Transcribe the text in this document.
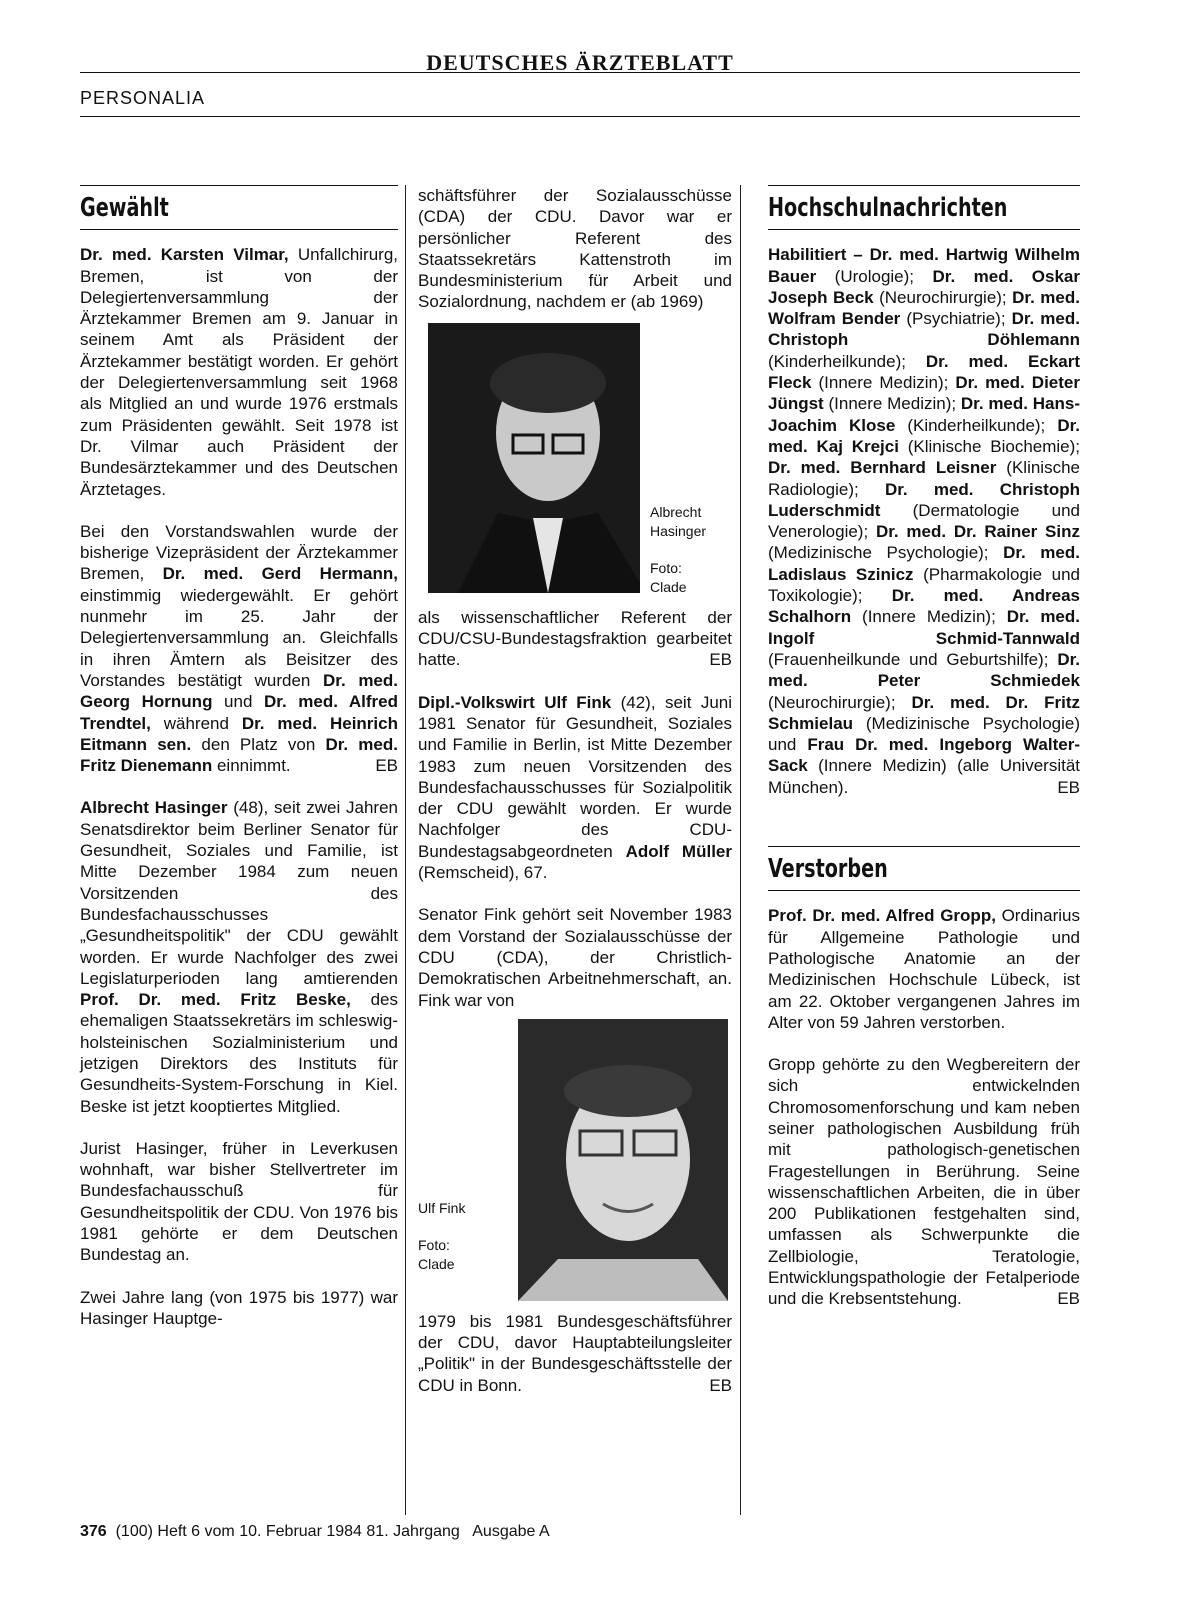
DEUTSCHES ÄRZTEBLATT
PERSONALIA
Gewählt

Dr. med. Karsten Vilmar, Unfallchirurg, Bremen, ist von der Delegiertenversammlung der Ärztekammer Bremen am 9. Januar in seinem Amt als Präsident der Ärztekammer bestätigt worden. Er gehört der Delegiertenversammlung seit 1968 als Mitglied an und wurde 1976 erstmals zum Präsidenten gewählt. Seit 1978 ist Dr. Vilmar auch Präsident der Bundesärztekammer und des Deutschen Ärztetages.

Bei den Vorstandswahlen wurde der bisherige Vizepräsident der Ärztekammer Bremen, Dr. med. Gerd Hermann, einstimmig wiedergewählt. Er gehört nunmehr im 25. Jahr der Delegiertenversammlung an. Gleichfalls in ihren Ämtern als Beisitzer des Vorstandes bestätigt wurden Dr. med. Georg Hornung und Dr. med. Alfred Trendtel, während Dr. med. Heinrich Eitmann sen. den Platz von Dr. med. Fritz Dienemann einnimmt.	EB

Albrecht Hasinger (48), seit zwei Jahren Senatsdirektor beim Berliner Senator für Gesundheit, Soziales und Familie, ist Mitte Dezember 1984 zum neuen Vorsitzenden des Bundesfachausschusses „Gesundheitspolitik" der CDU gewählt worden. Er wurde Nachfolger des zwei Legislaturperioden lang amtierenden Prof. Dr. med. Fritz Beske, des ehemaligen Staatssekretärs im schleswig-holsteinischen Sozialministerium und jetzigen Direktors des Instituts für Gesundheits-System-Forschung in Kiel. Beske ist jetzt kooptiertes Mitglied.

Jurist Hasinger, früher in Leverkusen wohnhaft, war bisher Stellvertreter im Bundesfachausschuß für Gesundheitspolitik der CDU. Von 1976 bis 1981 gehörte er dem Deutschen Bundestag an.

Zwei Jahre lang (von 1975 bis 1977) war Hasinger Hauptge-

schäftsführer der Sozialausschüsse (CDA) der CDU. Davor war er persönlicher Referent des Staatssekretärs Kattenstroth im Bundesministerium für Arbeit und Sozialordnung, nachdem er (ab 1969)

Albrecht Hasinger
Foto: Clade

als wissenschaftlicher Referent der CDU/CSU-Bundestagsfraktion gearbeitet hatte.	EB

Dipl.-Volkswirt Ulf Fink (42), seit Juni 1981 Senator für Gesundheit, Soziales und Familie in Berlin, ist Mitte Dezember 1983 zum neuen Vorsitzenden des Bundesfachausschusses für Sozialpolitik der CDU gewählt worden. Er wurde Nachfolger des CDU-Bundestagsabgeordneten Adolf Müller (Remscheid), 67.

Senator Fink gehört seit November 1983 dem Vorstand der Sozialausschüsse der CDU (CDA), der Christlich-Demokratischen Arbeitnehmerschaft, an. Fink war von

Ulf Fink
Foto: Clade

1979 bis 1981 Bundesgeschäftsführer der CDU, davor Hauptabteilungsleiter „Politik" in der Bundesgeschäftsstelle der CDU in Bonn.	EB

Hochschulnachrichten

Habilitiert – Dr. med. Hartwig Wilhelm Bauer (Urologie); Dr. med. Oskar Joseph Beck (Neurochirurgie); Dr. med. Wolfram Bender (Psychiatrie); Dr. med. Christoph Döhlemann (Kinderheilkunde); Dr. med. Eckart Fleck (Innere Medizin); Dr. med. Dieter Jüngst (Innere Medizin); Dr. med. Hans-Joachim Klose (Kinderheilkunde); Dr. med. Kaj Krejci (Klinische Biochemie); Dr. med. Bernhard Leisner (Klinische Radiologie); Dr. med. Christoph Luderschmidt (Dermatologie und Venerologie); Dr. med. Dr. Rainer Sinz (Medizinische Psychologie); Dr. med. Ladislaus Szinicz (Pharmakologie und Toxikologie); Dr. med. Andreas Schalhorn (Innere Medizin); Dr. med. Ingolf Schmid-Tannwald (Frauenheilkunde und Geburtshilfe); Dr. med. Peter Schmiedek (Neurochirurgie); Dr. med. Dr. Fritz Schmielau (Medizinische Psychologie) und Frau Dr. med. Ingeborg Walter-Sack (Innere Medizin) (alle Universität München).	EB

Verstorben

Prof. Dr. med. Alfred Gropp, Ordinarius für Allgemeine Pathologie und Pathologische Anatomie an der Medizinischen Hochschule Lübeck, ist am 22. Oktober vergangenen Jahres im Alter von 59 Jahren verstorben.

Gropp gehörte zu den Wegbereitern der sich entwickelnden Chromosomenforschung und kam neben seiner pathologischen Ausbildung früh mit pathologisch-genetischen Fragestellungen in Berührung. Seine wissenschaftlichen Arbeiten, die in über 200 Publikationen festgehalten sind, umfassen als Schwerpunkte die Zellbiologie, Teratologie, Entwicklungspathologie der Fetalperiode und die Krebsentstehung.	EB

376 (100) Heft 6 vom 10. Februar 1984 81. Jahrgang   Ausgabe A
